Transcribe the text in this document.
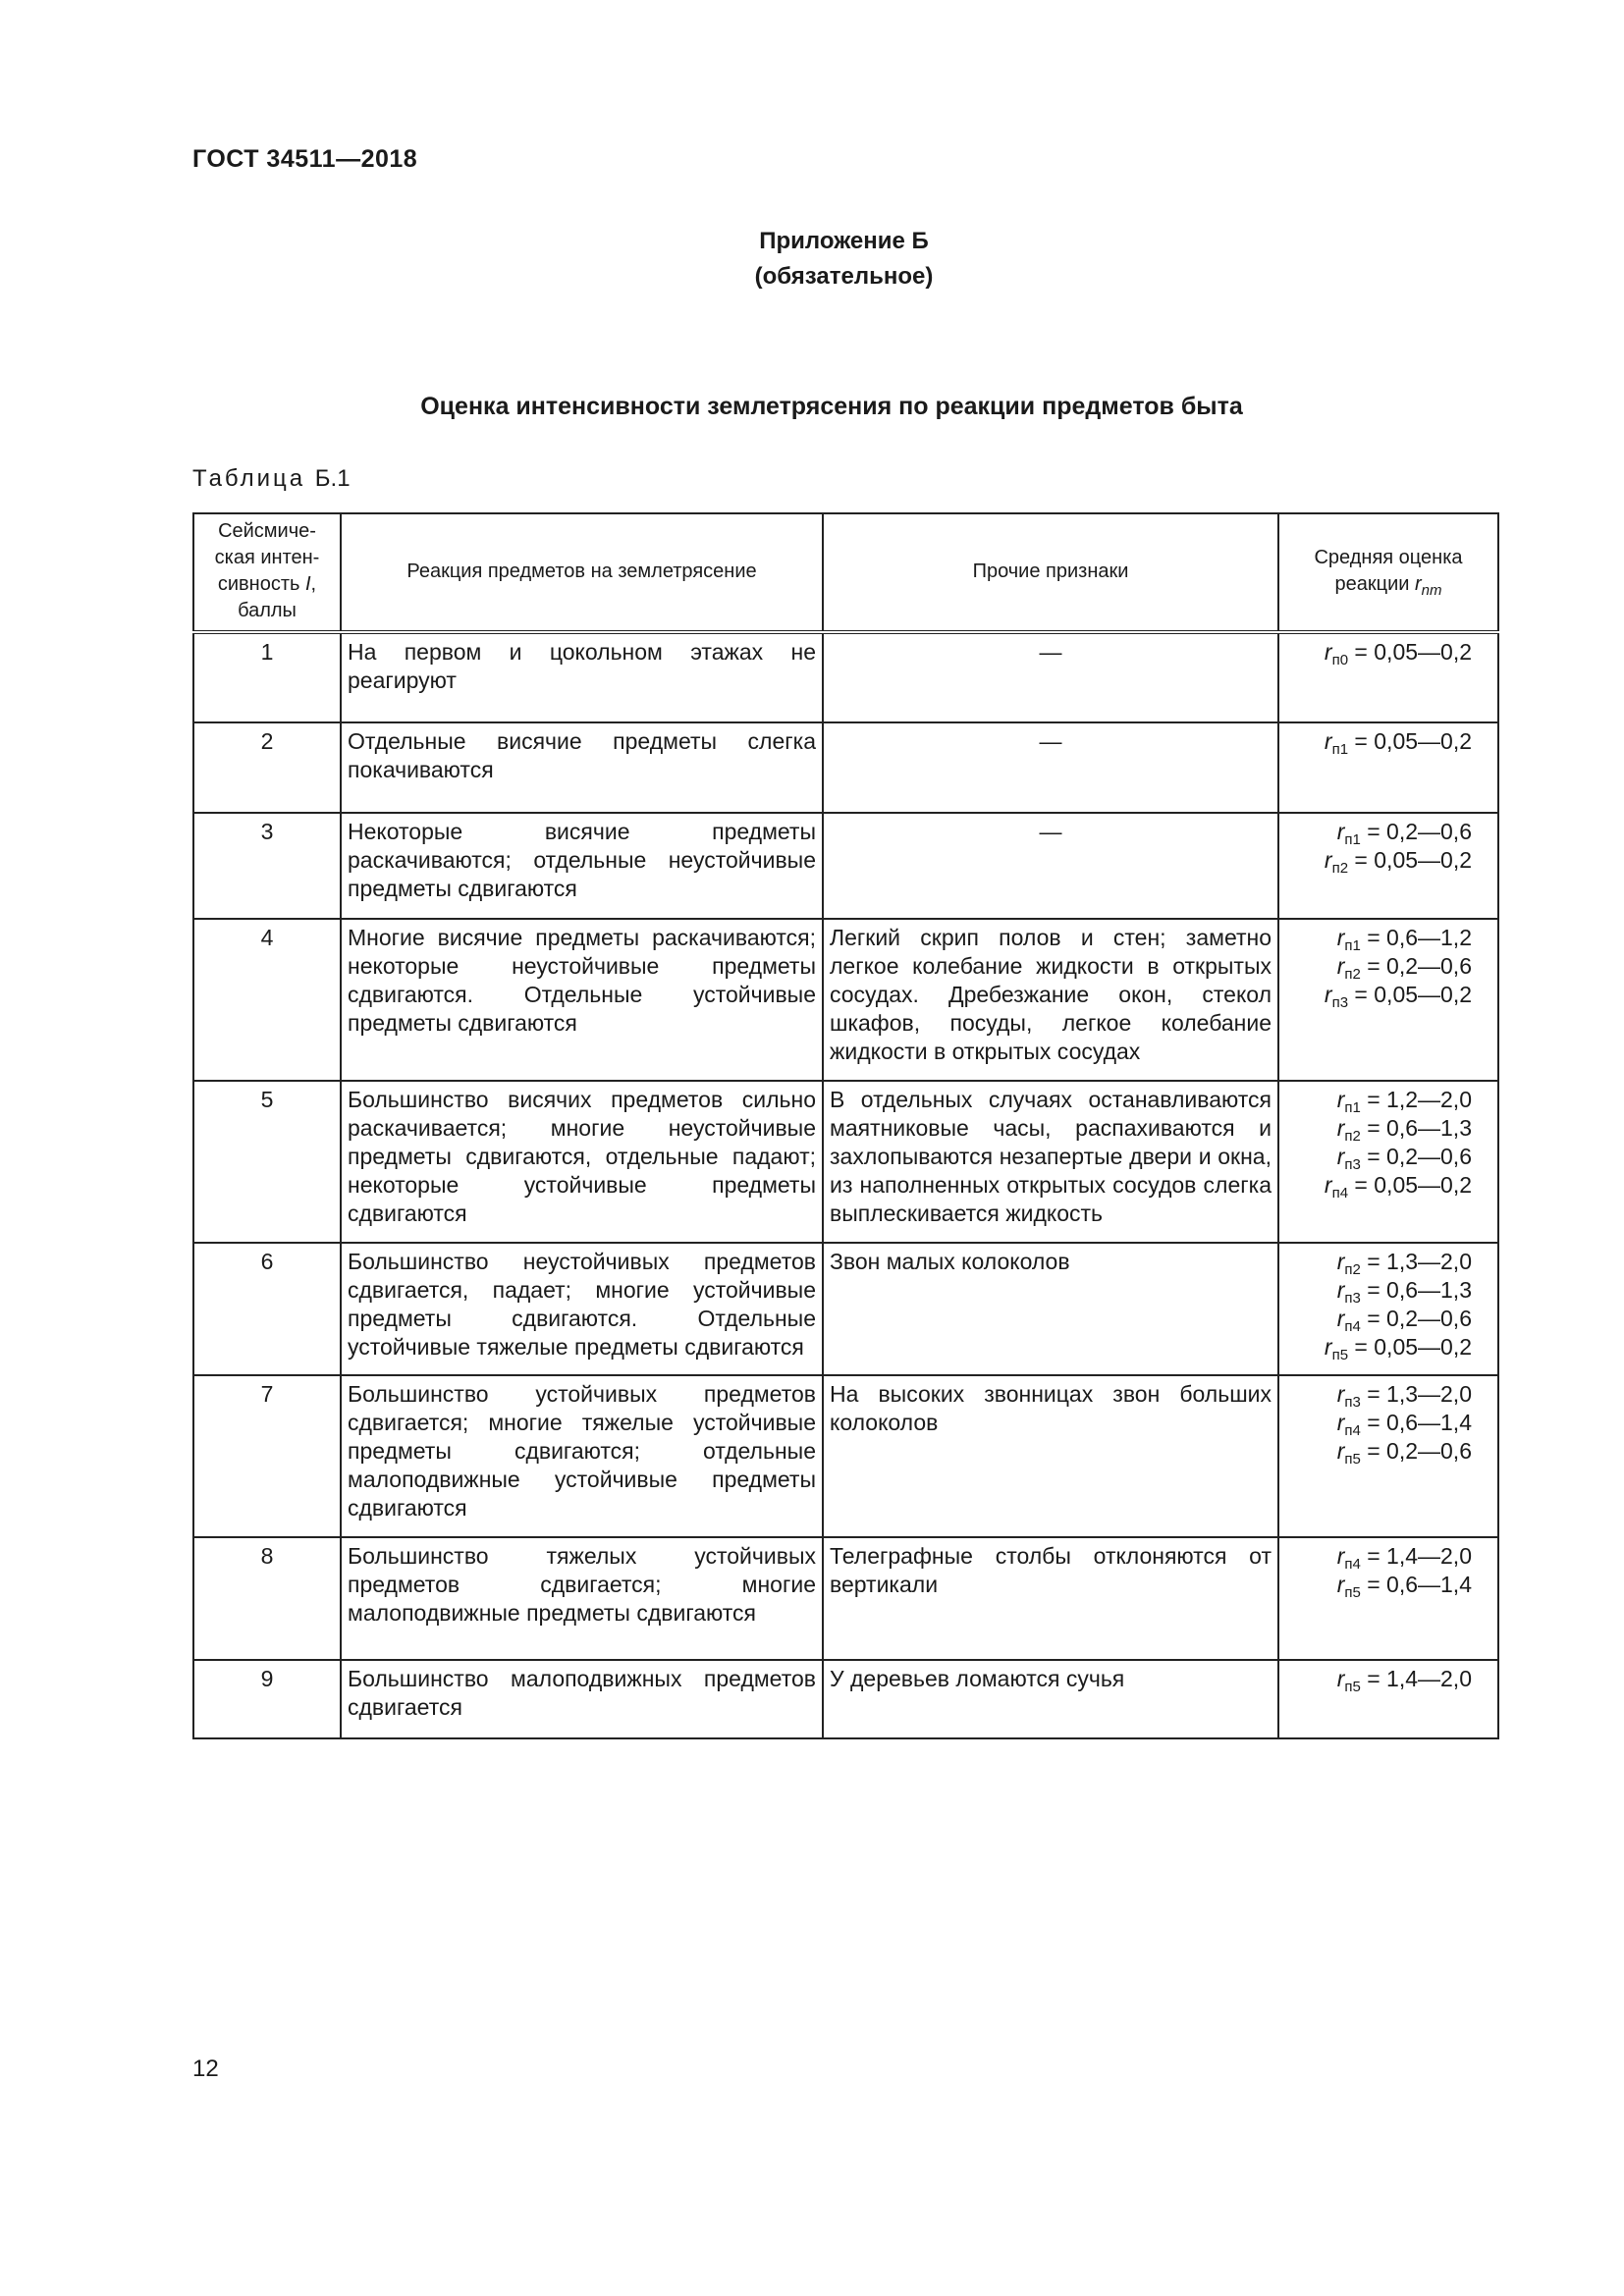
ГОСТ 34511—2018
Приложение Б
(обязательное)
Оценка интенсивности землетрясения по реакции предметов быта
Таблица Б.1
Сейсмиче- ская интен- сивность I, баллы	Реакция предметов на землетрясение	Прочие признаки	Средняя оценка реакции $r_{nm}$
1	На первом и цокольном этажах не реагируют	—	$r_{п0}$ = 0,05—0,2

2	Отдельные висячие предметы слегка покачиваются	—	$r_{п1}$ = 0,05—0,2

3	Некоторые висячие предметы раскачиваются; отдельные неустойчивые предметы сдвигаются	—	$r_{п1}$ = 0,2—0,6
$r_{п2}$ = 0,05—0,2

4	Многие висячие предметы раскачиваются; некоторые неустойчивые предметы сдвигаются. Отдельные устойчивые предметы сдвигаются	Легкий скрип полов и стен; заметно легкое колебание жидкости в открытых сосудах. Дребезжание окон, стекол шкафов, посуды, легкое колебание жидкости в открытых сосудах	$r_{п1}$ = 0,6—1,2
$r_{п2}$ = 0,2—0,6
$r_{п3}$ = 0,05—0,2

5	Большинство висячих предметов сильно раскачивается; многие неустойчивые предметы сдвигаются, отдельные падают; некоторые устойчивые предметы сдвигаются	В отдельных случаях останавливаются маятниковые часы, распахиваются и захлопываются незапертые двери и окна, из наполненных открытых сосудов слегка выплескивается жидкость	$r_{п1}$ = 1,2—2,0
$r_{п2}$ = 0,6—1,3
$r_{п3}$ = 0,2—0,6
$r_{п4}$ = 0,05—0,2

6	Большинство неустойчивых предметов сдвигается, падает; многие устойчивые предметы сдвигаются. Отдельные устойчивые тяжелые предметы сдвигаются	Звон малых колоколов	$r_{п2}$ = 1,3—2,0
$r_{п3}$ = 0,6—1,3
$r_{п4}$ = 0,2—0,6
$r_{п5}$ = 0,05—0,2

7	Большинство устойчивых предметов сдвигается; многие тяжелые устойчивые предметы сдвигаются; отдельные малоподвижные устойчивые предметы сдвигаются	На высоких звонницах звон больших колоколов	$r_{п3}$ = 1,3—2,0
$r_{п4}$ = 0,6—1,4
$r_{п5}$ = 0,2—0,6

8	Большинство тяжелых устойчивых предметов сдвигается; многие малоподвижные предметы сдвигаются	Телеграфные столбы отклоняются от вертикали	$r_{п4}$ = 1,4—2,0
$r_{п5}$ = 0,6—1,4

9	Большинство малоподвижных предметов сдвигается	У деревьев ломаются сучья	$r_{п5}$ = 1,4—2,0
12
